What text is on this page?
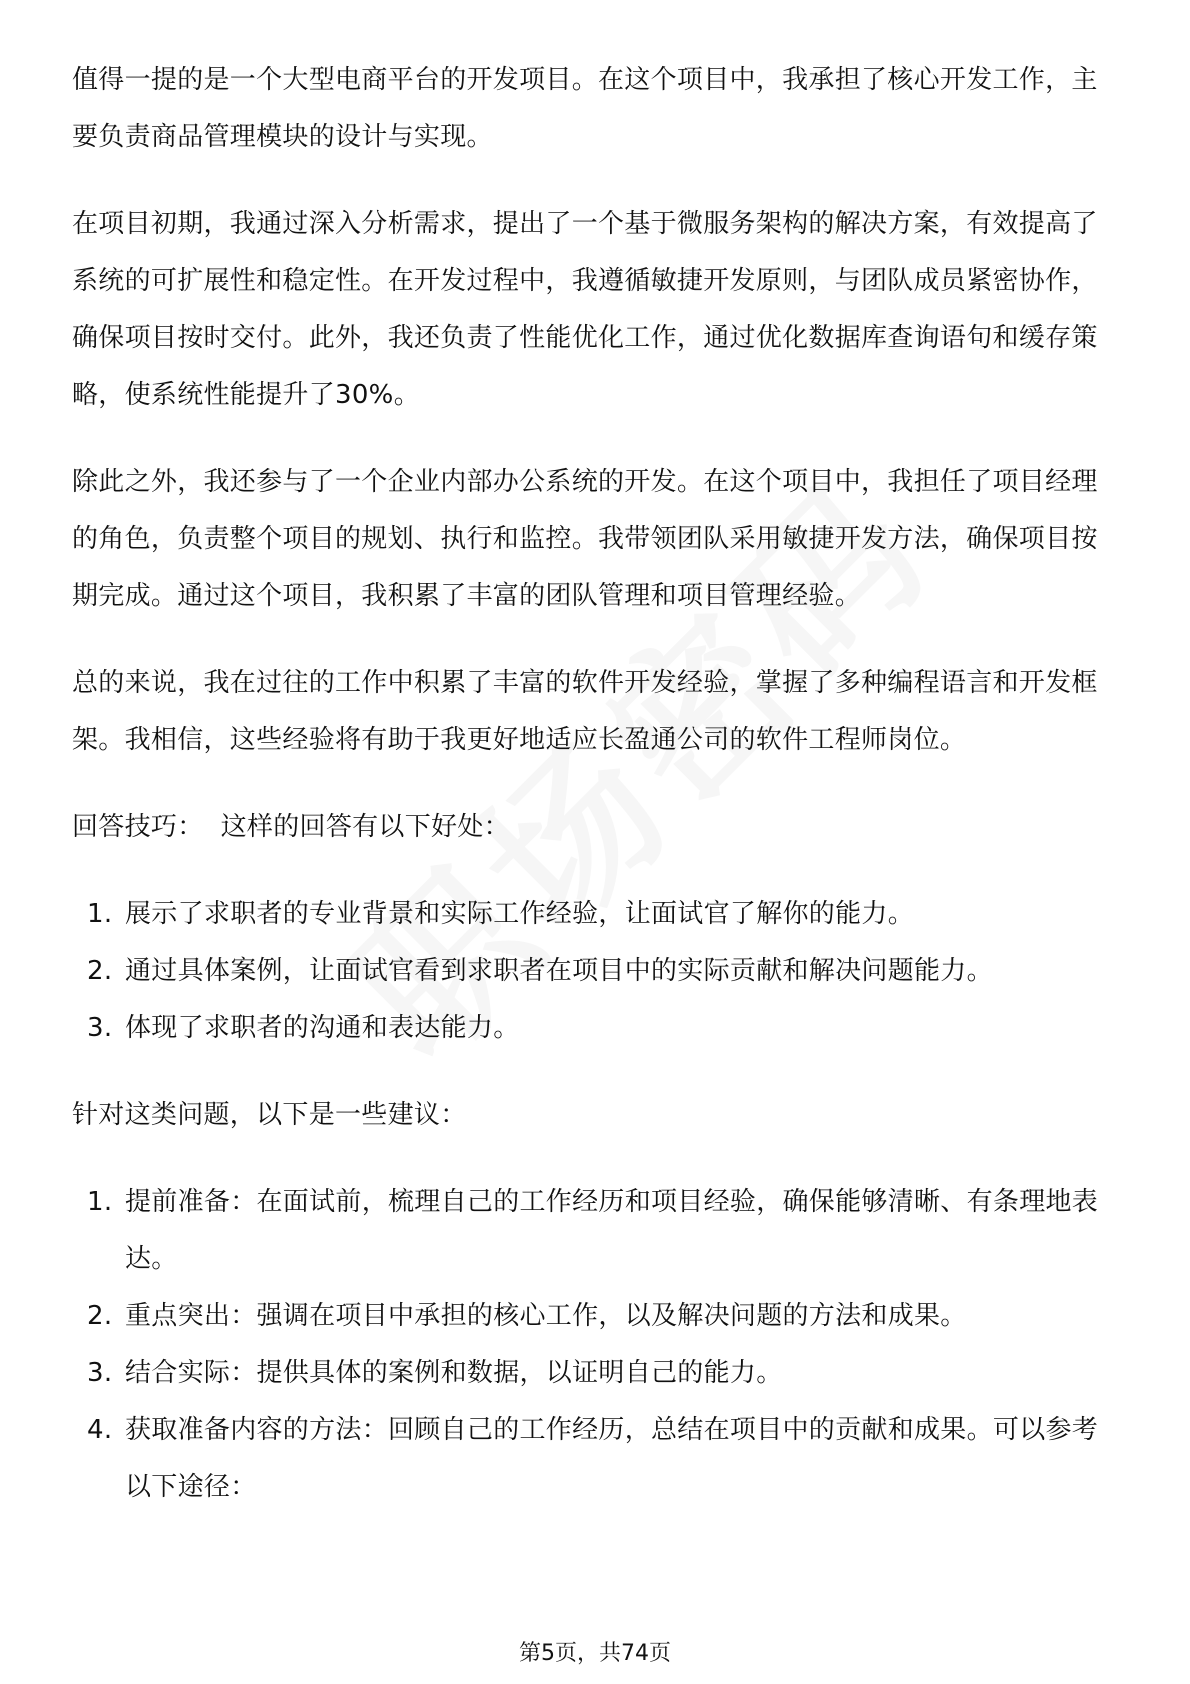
值得一提的是一个大型电商平台的开发项目。在这个项目中，我承担了核心开发工作，主要负责商品管理模块的设计与实现。

在项目初期，我通过深入分析需求，提出了一个基于微服务架构的解决方案，有效提高了系统的可扩展性和稳定性。在开发过程中，我遵循敏捷开发原则，与团队成员紧密协作，确保项目按时交付。此外，我还负责了性能优化工作，通过优化数据库查询语句和缓存策略，使系统性能提升了30%。

除此之外，我还参与了一个企业内部办公系统的开发。在这个项目中，我担任了项目经理的角色，负责整个项目的规划、执行和监控。我带领团队采用敏捷开发方法，确保项目按期完成。通过这个项目，我积累了丰富的团队管理和项目管理经验。

总的来说，我在过往的工作中积累了丰富的软件开发经验，掌握了多种编程语言和开发框架。我相信，这些经验将有助于我更好地适应长盈通公司的软件工程师岗位。

回答技巧：  这样的回答有以下好处：

1. 展示了求职者的专业背景和实际工作经验，让面试官了解你的能力。
2. 通过具体案例，让面试官看到求职者在项目中的实际贡献和解决问题能力。
3. 体现了求职者的沟通和表达能力。

针对这类问题，以下是一些建议：

1. 提前准备：在面试前，梳理自己的工作经历和项目经验，确保能够清晰、有条理地表达。
2. 重点突出：强调在项目中承担的核心工作，以及解决问题的方法和成果。
3. 结合实际：提供具体的案例和数据，以证明自己的能力。
4. 获取准备内容的方法：回顾自己的工作经历，总结在项目中的贡献和成果。可以参考以下途径：
第5页，共74页
